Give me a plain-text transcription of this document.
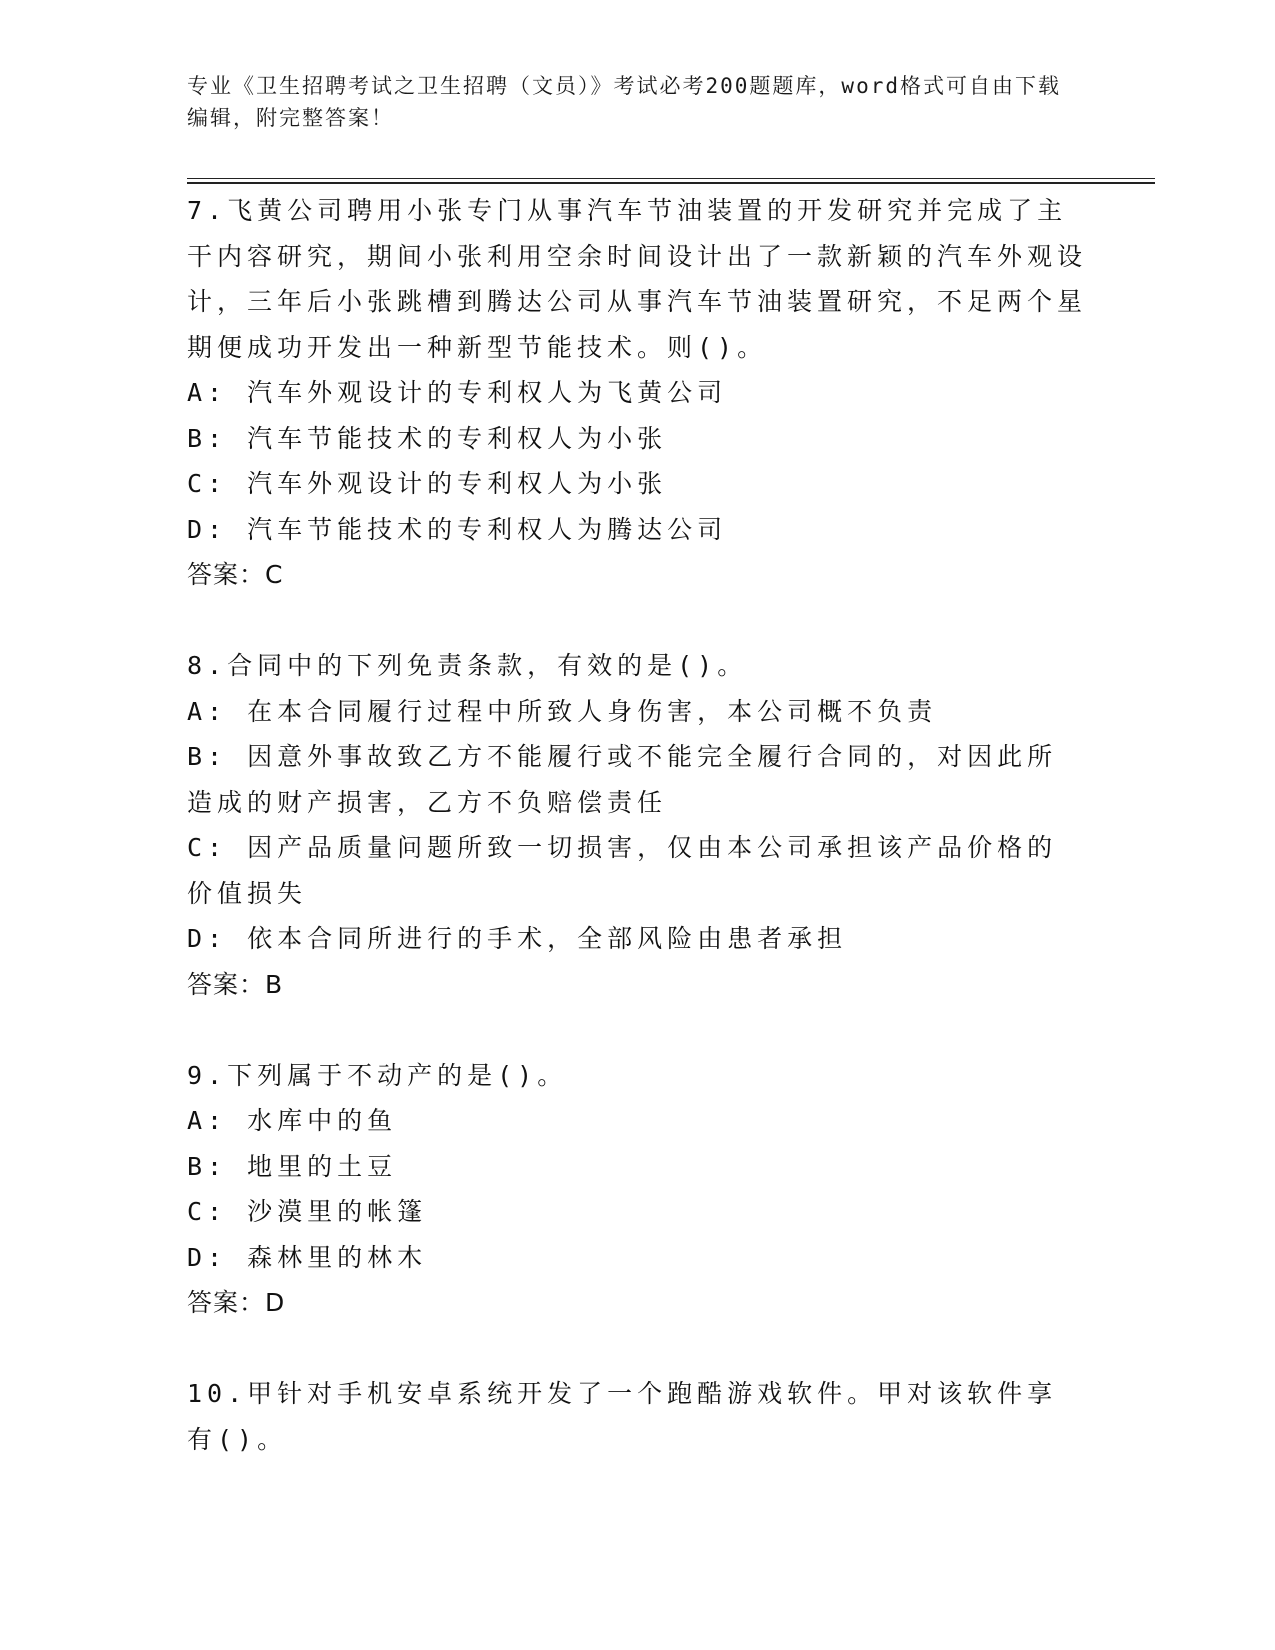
专业《卫生招聘考试之卫生招聘（文员）》考试必考200题题库，word格式可自由下载编辑，附完整答案！

7.飞黄公司聘用小张专门从事汽车节油装置的开发研究并完成了主干内容研究，期间小张利用空余时间设计出了一款新颖的汽车外观设计，三年后小张跳槽到腾达公司从事汽车节油装置研究，不足两个星期便成功开发出一种新型节能技术。则()。

A: 汽车外观设计的专利权人为飞黄公司

B: 汽车节能技术的专利权人为小张

C: 汽车外观设计的专利权人为小张

D: 汽车节能技术的专利权人为腾达公司

答案：C

8.合同中的下列免责条款，有效的是()。

A: 在本合同履行过程中所致人身伤害，本公司概不负责

B: 因意外事故致乙方不能履行或不能完全履行合同的，对因此所造成的财产损害，乙方不负赔偿责任

C: 因产品质量问题所致一切损害，仅由本公司承担该产品价格的价值损失

D: 依本合同所进行的手术，全部风险由患者承担

答案：B

9.下列属于不动产的是()。

A: 水库中的鱼

B: 地里的土豆

C: 沙漠里的帐篷

D: 森林里的林木

答案：D

10.甲针对手机安卓系统开发了一个跑酷游戏软件。甲对该软件享有()。
